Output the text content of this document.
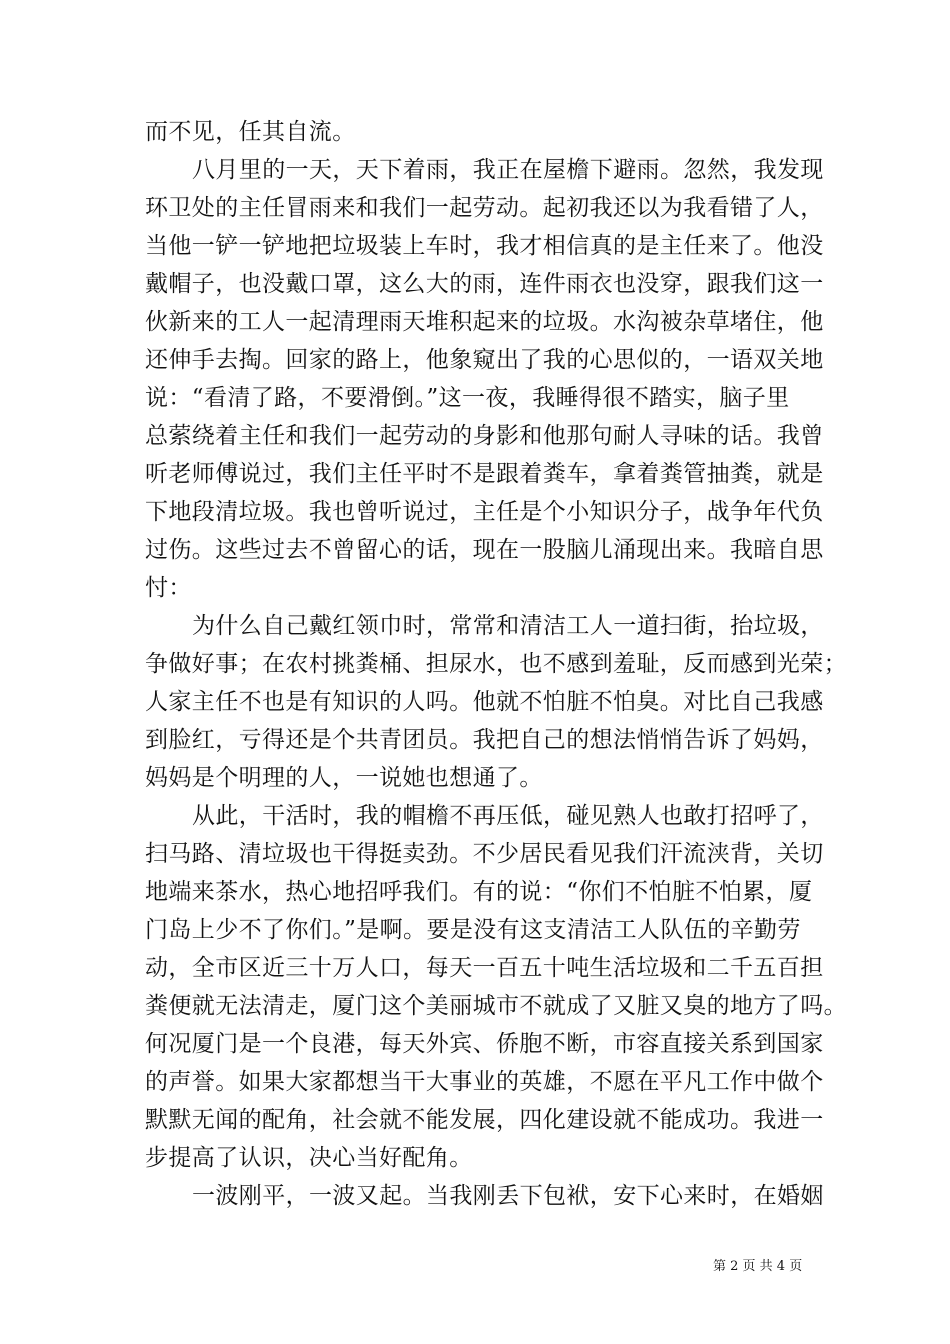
而不见，任其自流。
八月里的一天，天下着雨，我正在屋檐下避雨。忽然，我发现
环卫处的主任冒雨来和我们一起劳动。起初我还以为我看错了人，
当他一铲一铲地把垃圾装上车时，我才相信真的是主任来了。他没
戴帽子，也没戴口罩，这么大的雨，连件雨衣也没穿，跟我们这一
伙新来的工人一起清理雨天堆积起来的垃圾。水沟被杂草堵住，他
还伸手去掏。回家的路上，他象窥出了我的心思似的，一语双关地
说：“看清了路，不要滑倒。”这一夜，我睡得很不踏实，脑子里
总萦绕着主任和我们一起劳动的身影和他那句耐人寻味的话。我曾
听老师傅说过，我们主任平时不是跟着粪车，拿着粪管抽粪，就是
下地段清垃圾。我也曾听说过，主任是个小知识分子，战争年代负
过伤。这些过去不曾留心的话，现在一股脑儿涌现出来。我暗自思
忖：
为什么自己戴红领巾时，常常和清洁工人一道扫街，抬垃圾，
争做好事；在农村挑粪桶、担尿水，也不感到羞耻，反而感到光荣；
人家主任不也是有知识的人吗。他就不怕脏不怕臭。对比自己我感
到脸红，亏得还是个共青团员。我把自己的想法悄悄告诉了妈妈，
妈妈是个明理的人，一说她也想通了。
从此，干活时，我的帽檐不再压低，碰见熟人也敢打招呼了，
扫马路、清垃圾也干得挺卖劲。不少居民看见我们汗流浃背，关切
地端来茶水，热心地招呼我们。有的说：“你们不怕脏不怕累，厦
门岛上少不了你们。”是啊。要是没有这支清洁工人队伍的辛勤劳
动，全市区近三十万人口，每天一百五十吨生活垃圾和二千五百担
粪便就无法清走，厦门这个美丽城市不就成了又脏又臭的地方了吗。
何况厦门是一个良港，每天外宾、侨胞不断，市容直接关系到国家
的声誉。如果大家都想当干大事业的英雄，不愿在平凡工作中做个
默默无闻的配角，社会就不能发展，四化建设就不能成功。我进一
步提高了认识，决心当好配角。
一波刚平，一波又起。当我刚丢下包袱，安下心来时，在婚姻
第 2 页 共 4 页
